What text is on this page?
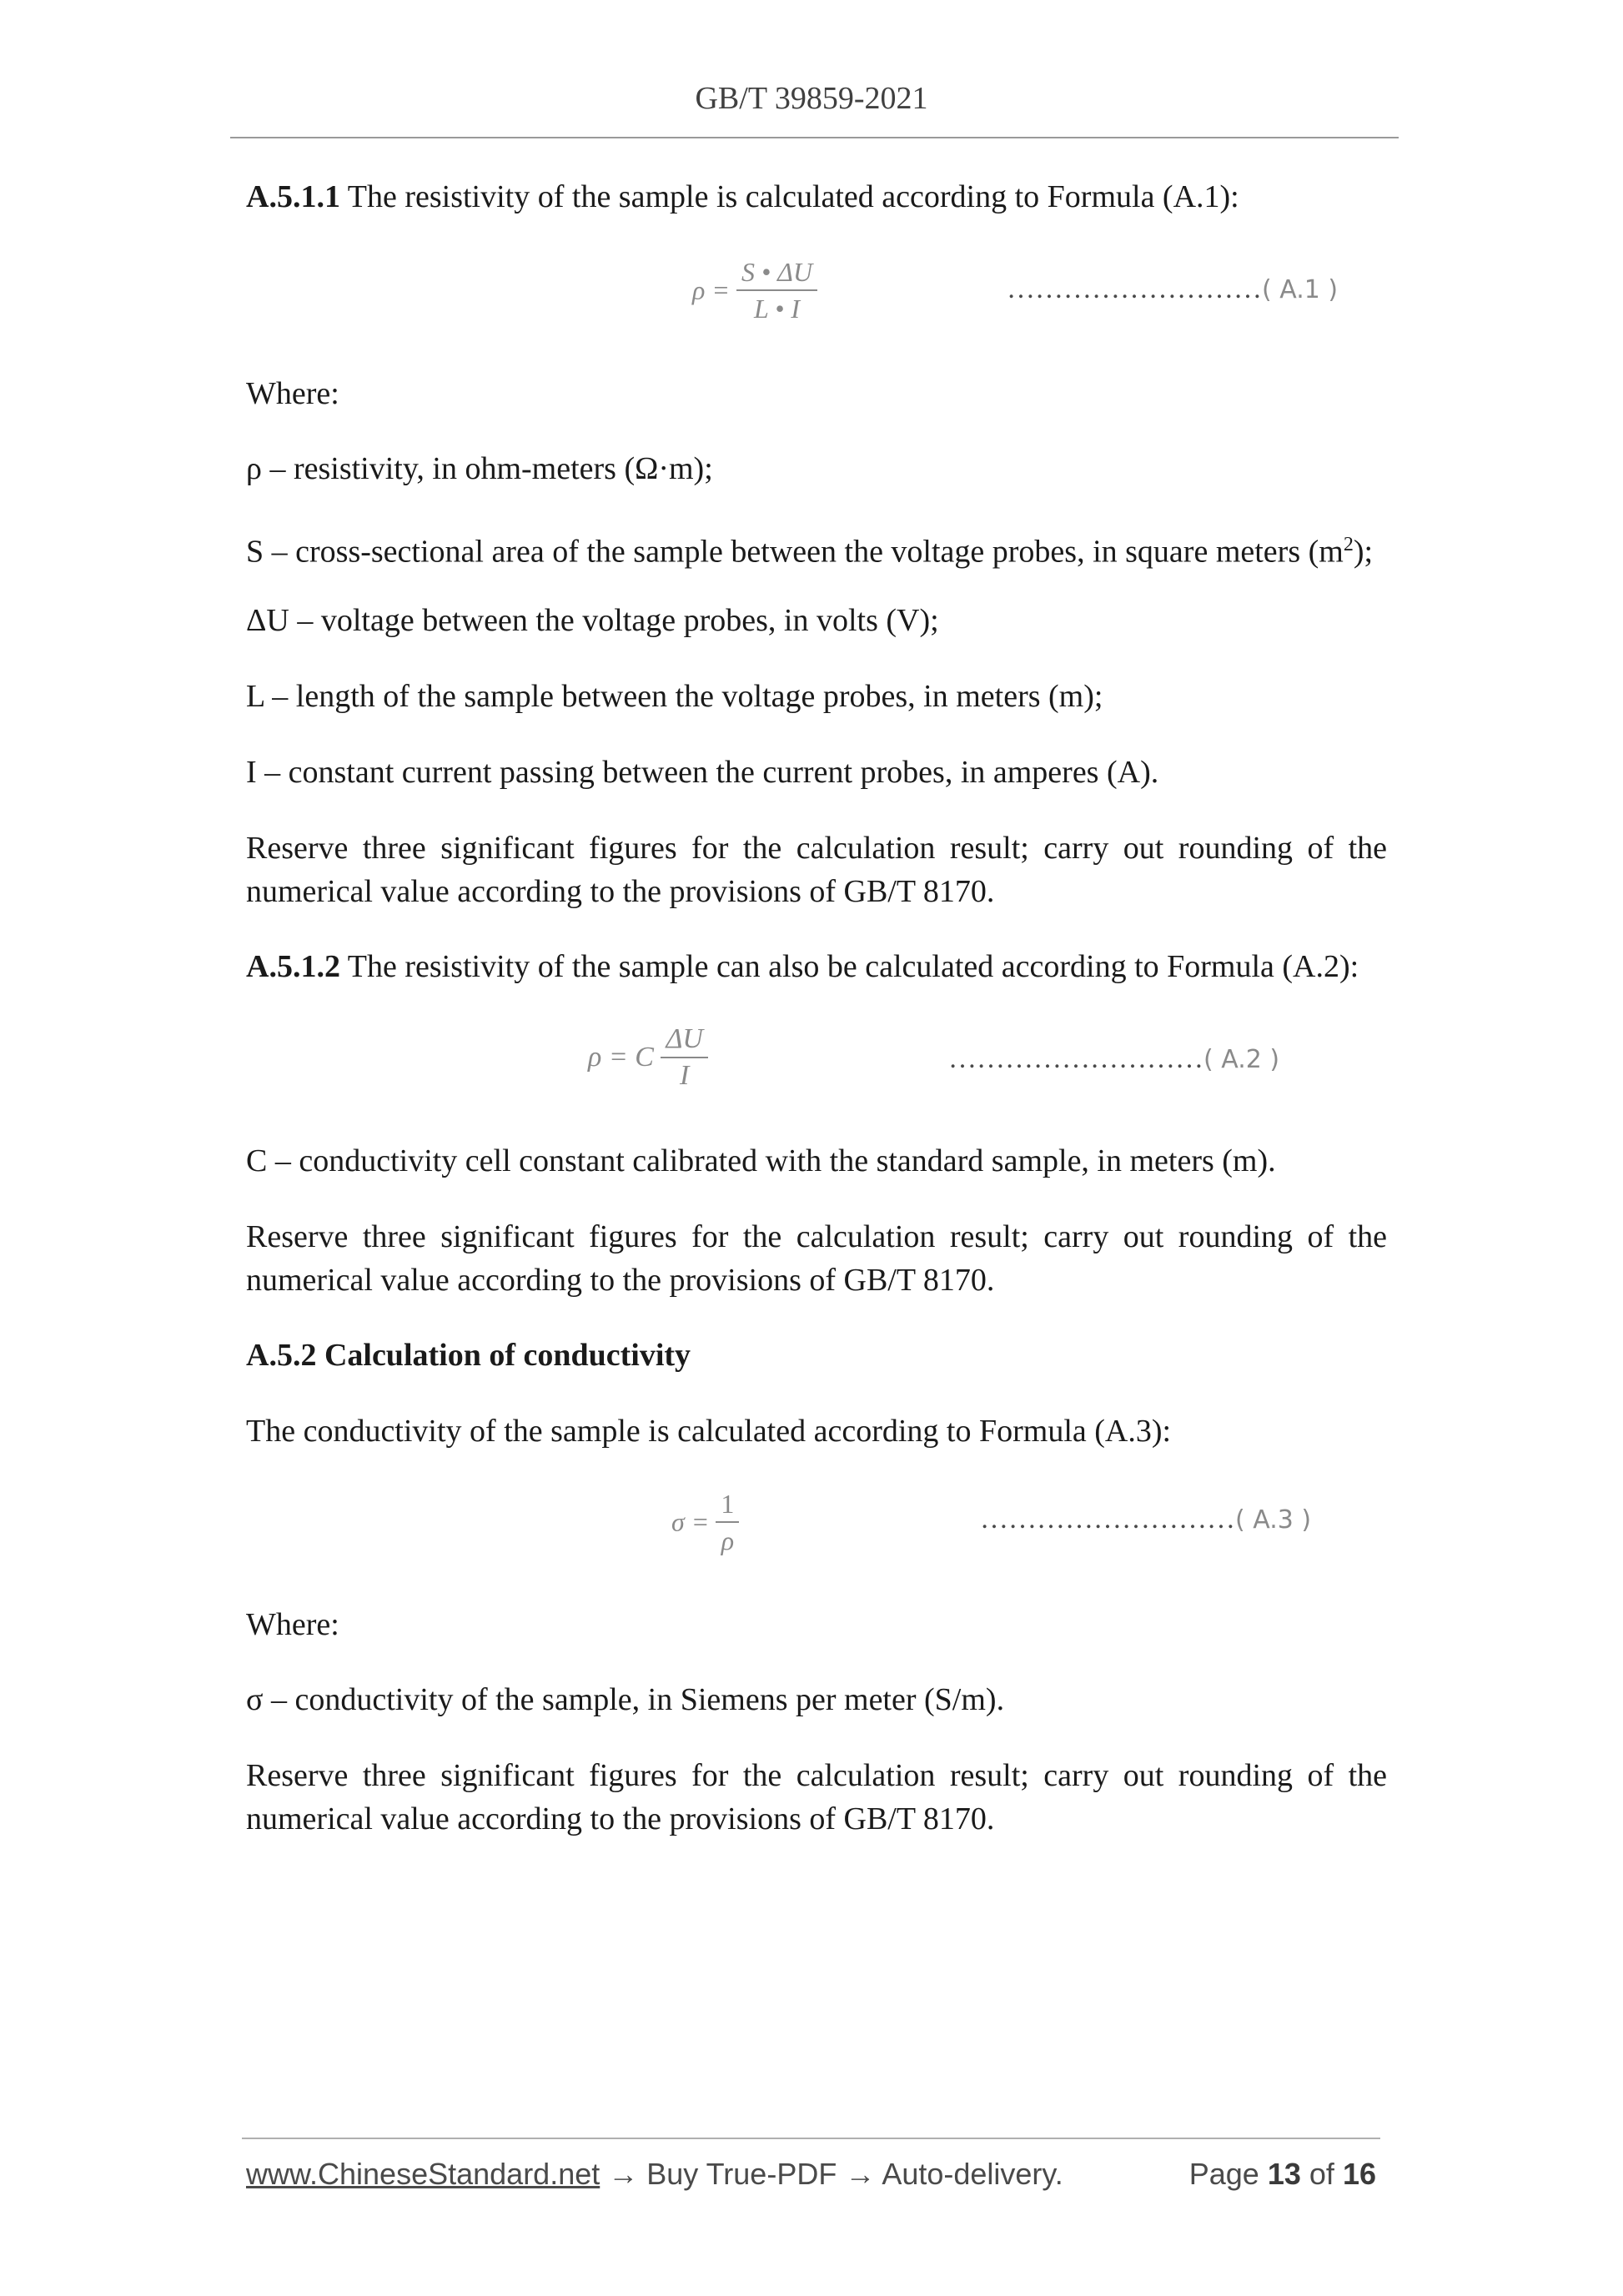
GB/T 39859-2021

A.5.1.1 The resistivity of the sample is calculated according to Formula (A.1):

$\rho = \frac{S • \Delta U}{L • I}$	………………………( A.1 )

Where:

ρ – resistivity, in ohm-meters (Ω·m);

S – cross-sectional area of the sample between the voltage probes, in square meters $(m^2)$;

ΔU – voltage between the voltage probes, in volts (V);

L – length of the sample between the voltage probes, in meters (m);

I – constant current passing between the current probes, in amperes (A).

Reserve three significant figures for the calculation result; carry out rounding of the numerical value according to the provisions of GB/T 8170.

A.5.1.2 The resistivity of the sample can also be calculated according to Formula (A.2):

ρ = C $\frac{\Delta U}{I}$	………………………( A.2 )

C – conductivity cell constant calibrated with the standard sample, in meters (m).

Reserve three significant figures for the calculation result; carry out rounding of the numerical value according to the provisions of GB/T 8170.

A.5.2 Calculation of conductivity

The conductivity of the sample is calculated according to Formula (A.3):

$\sigma = \frac{1}{\rho}$	………………………( A.3 )

Where:

σ – conductivity of the sample, in Siemens per meter (S/m).

Reserve three significant figures for the calculation result; carry out rounding of the numerical value according to the provisions of GB/T 8170.

www.ChineseStandard.net → Buy True-PDF → Auto-delivery.	Page 13 of 16
